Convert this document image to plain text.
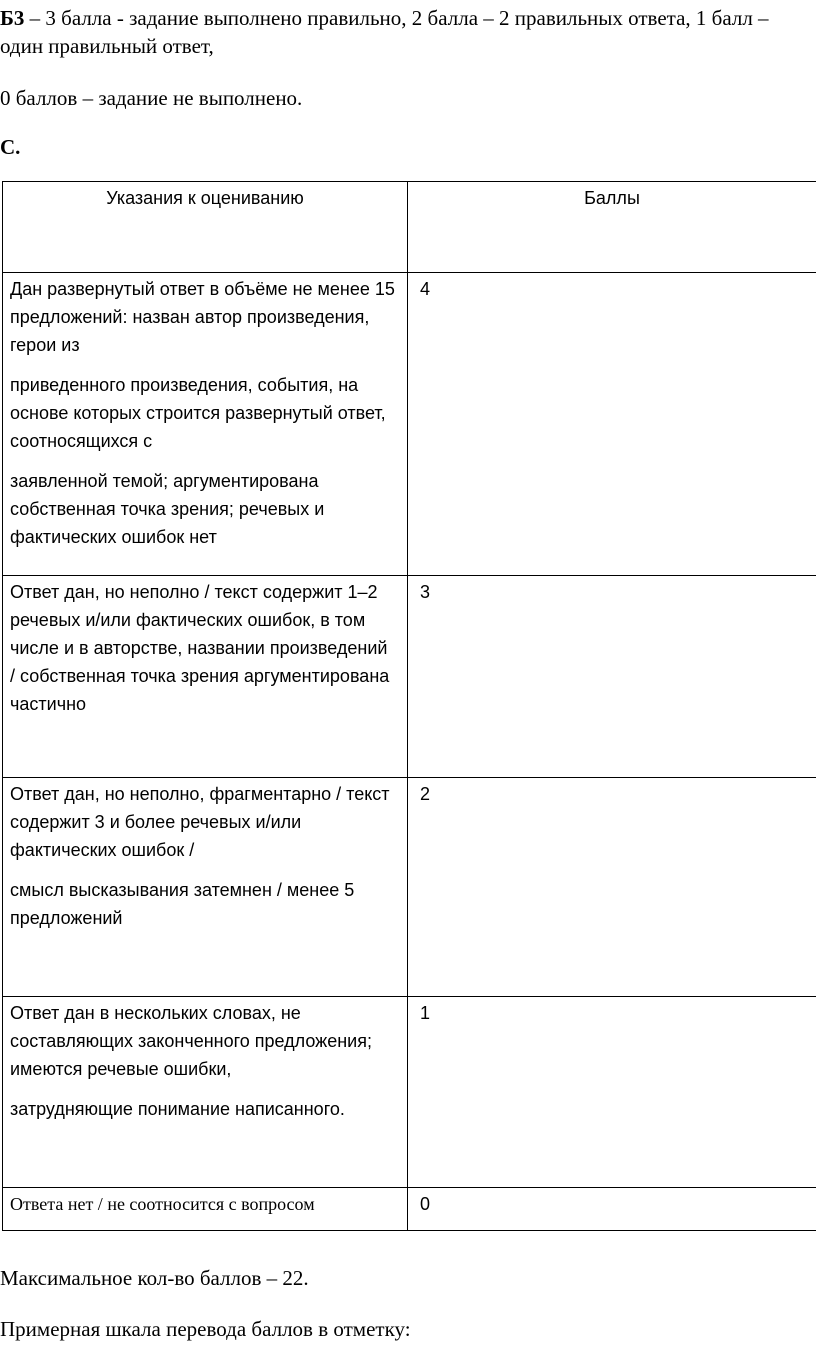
Б3 – 3 балла - задание выполнено правильно, 2 балла – 2 правильных ответа, 1 балл – один правильный ответ,

0 баллов – задание не выполнено.

С.

Указания к оцениванию	Баллы

Дан развернутый ответ в объёме не менее 15 предложений: назван автор произведения, герои из

приведенного произведения, события, на основе которых строится развернутый ответ, соотносящихся с

заявленной темой; аргументирована собственная точка зрения; речевых и фактических ошибок нет	4

Ответ дан, но неполно / текст содержит 1–2 речевых и/или фактических ошибок, в том числе и в авторстве, названии произведений / собственная точка зрения аргументирована частично	3

Ответ дан, но неполно, фрагментарно / текст содержит 3 и более речевых и/или фактических ошибок /

смысл высказывания затемнен / менее 5 предложений	2

Ответ дан в нескольких словах, не составляющих законченного предложения; имеются речевые ошибки,

затрудняющие понимание написанного.	1

Ответа нет / не соотносится с вопросом	0

Максимальное кол-во баллов – 22.

Примерная шкала перевода баллов в отметку:
